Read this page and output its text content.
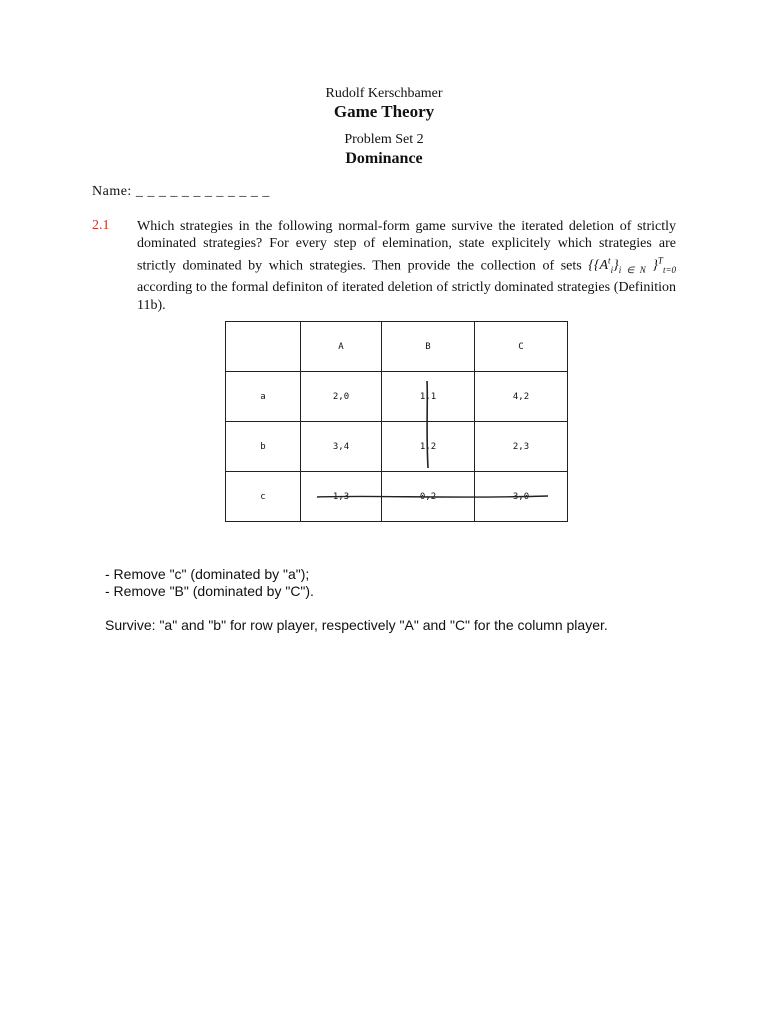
Rudolf Kerschbamer
Game Theory
Problem Set 2
Dominance
Name: _ _ _ _ _ _ _ _ _ _ _ _
2.1 Which strategies in the following normal-form game survive the iterated deletion of strictly dominated strategies? For every step of elemination, state explicitely which strategies are strictly dominated by which strategies. Then provide the collection of sets {$\{A^t_i\}_{i \in N}$ }$^T_{t=0}$ according to the formal definiton of iterated deletion of strictly dominated strategies (Definition 11b).
	A	B	C
a	2,0	1,1	4,2
b	3,4	1,2	2,3
c	1,3	0,2	3,0
- Remove "c" (dominated by "a");
- Remove "B" (dominated by "C").
Survive: "a" and "b" for row player, respectively "A" and "C" for the column player.
